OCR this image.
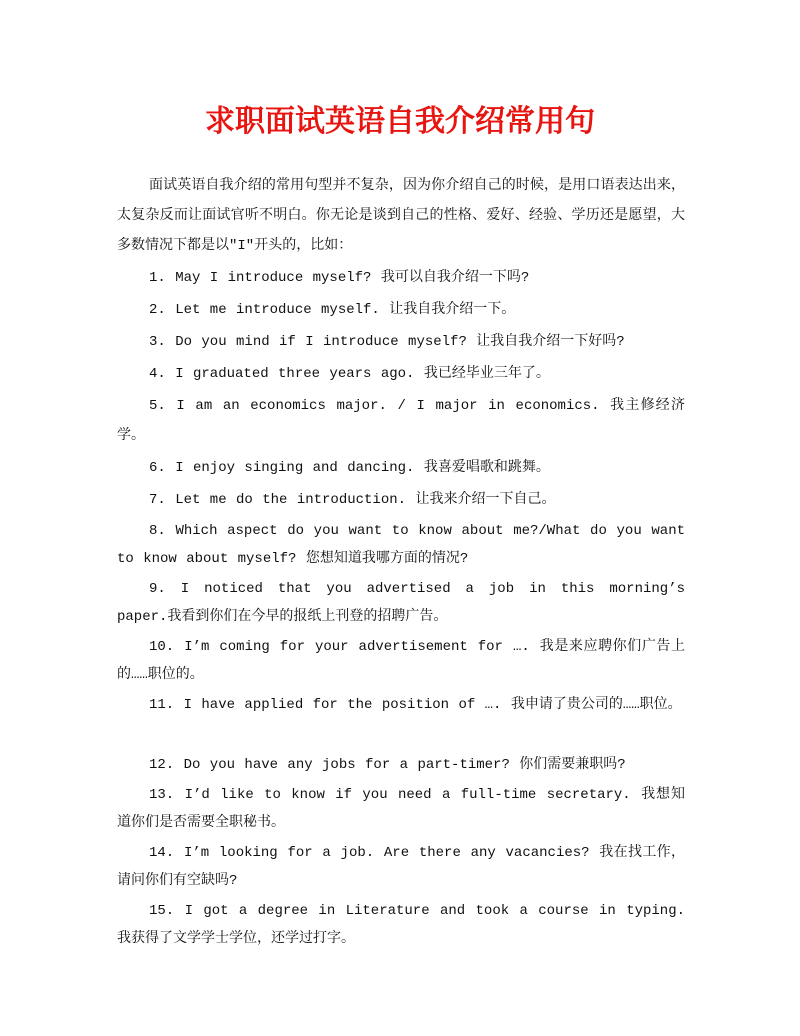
求职面试英语自我介绍常用句

面试英语自我介绍的常用句型并不复杂，因为你介绍自己的时候，是用口语表达出来，太复杂反而让面试官听不明白。你无论是谈到自己的性格、爱好、经验、学历还是愿望，大多数情况下都是以"I"开头的，比如：

1. May I introduce myself? 我可以自我介绍一下吗?

2. Let me introduce myself. 让我自我介绍一下。

3. Do you mind if I introduce myself? 让我自我介绍一下好吗?

4. I graduated three years ago. 我已经毕业三年了。

5. I am an economics major. / I major in economics. 我主修经济学。

6. I enjoy singing and dancing. 我喜爱唱歌和跳舞。

7. Let me do the introduction. 让我来介绍一下自己。

8. Which aspect do you want to know about me?/What do you want to know about myself? 您想知道我哪方面的情况?

9. I noticed that you advertised a job in this morning’s paper.我看到你们在今早的报纸上刊登的招聘广告。

10. I’m coming for your advertisement for …. 我是来应聘你们广告上的……职位的。

11. I have applied for the position of …. 我申请了贵公司的……职位。

12. Do you have any jobs for a part-timer? 你们需要兼职吗?

13. I’d like to know if you need a full-time secretary. 我想知道你们是否需要全职秘书。

14. I’m looking for a job. Are there any vacancies? 我在找工作，请问你们有空缺吗?

15. I got a degree in Literature and took a course in typing. 我获得了文学学士学位，还学过打字。
